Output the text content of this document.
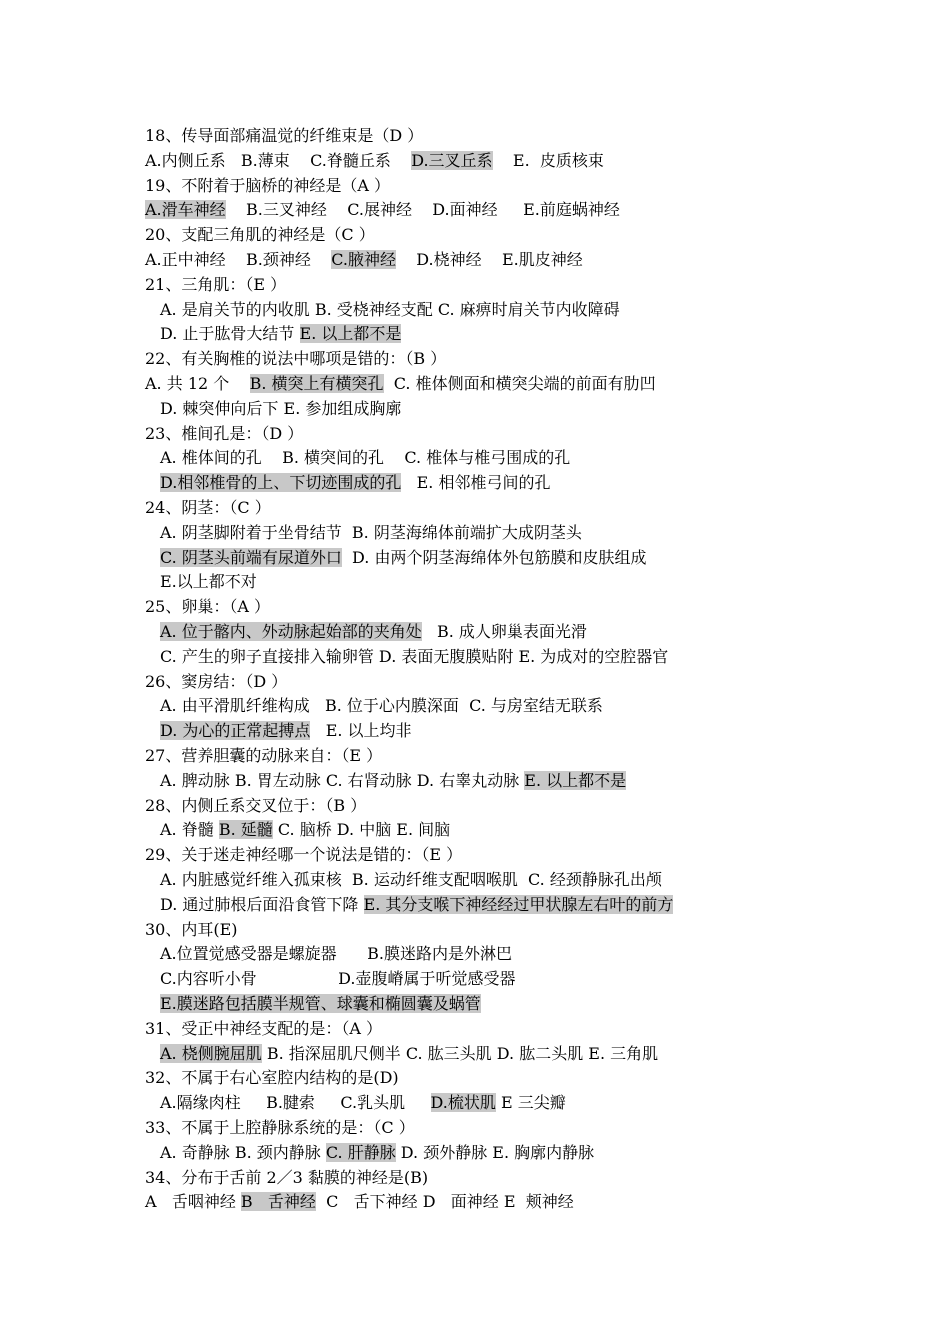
18、传导面部痛温觉的纤维束是（D ）

A.内侧丘系   B.薄束    C.脊髓丘系    D.三叉丘系    E.  皮质核束

19、不附着于脑桥的神经是（A ）

A.滑车神经    B.三叉神经    C.展神经    D.面神经     E.前庭蜗神经

20、支配三角肌的神经是（C ）

A.正中神经    B.颈神经    C.腋神经    D.桡神经    E.肌皮神经

21、三角肌：（E ）

A. 是肩关节的内收肌 B. 受桡神经支配 C. 麻痹时肩关节内收障碍

D. 止于肱骨大结节 E. 以上都不是

22、有关胸椎的说法中哪项是错的：（B ）

A. 共 12 个    B. 横突上有横突孔  C. 椎体侧面和横突尖端的前面有肋凹

D. 棘突伸向后下 E. 参加组成胸廓

23、椎间孔是：（D ）

A. 椎体间的孔    B. 横突间的孔    C. 椎体与椎弓围成的孔

D.相邻椎骨的上、下切迹围成的孔   E. 相邻椎弓间的孔

24、阴茎：（C ）

A. 阴茎脚附着于坐骨结节  B. 阴茎海绵体前端扩大成阴茎头

C. 阴茎头前端有尿道外口  D. 由两个阴茎海绵体外包筋膜和皮肤组成

E.以上都不对

25、卵巢：（A ）

A. 位于髂内、外动脉起始部的夹角处   B. 成人卵巢表面光滑

C. 产生的卵子直接排入输卵管 D. 表面无腹膜贴附 E. 为成对的空腔器官

26、窦房结：（D ）

A. 由平滑肌纤维构成   B. 位于心内膜深面  C. 与房室结无联系

D. 为心的正常起搏点   E. 以上均非

27、营养胆囊的动脉来自：（E ）

A. 脾动脉 B. 胃左动脉 C. 右肾动脉 D. 右睾丸动脉 E. 以上都不是

28、内侧丘系交叉位于：（B ）

A. 脊髓 B. 延髓 C. 脑桥 D. 中脑 E. 间脑

29、关于迷走神经哪一个说法是错的：（E ）

A. 内脏感觉纤维入孤束核  B. 运动纤维支配咽喉肌  C. 经颈静脉孔出颅

D. 通过肺根后面沿食管下降 E. 其分支喉下神经经过甲状腺左右叶的前方

30、内耳(E)

A.位置觉感受器是螺旋器      B.膜迷路内是外淋巴

C.内容听小骨                D.壶腹嵴属于听觉感受器

E.膜迷路包括膜半规管、球囊和椭圆囊及蜗管

31、受正中神经支配的是：（A ）

A. 桡侧腕屈肌 B. 指深屈肌尺侧半 C. 肱三头肌 D. 肱二头肌 E. 三角肌

32、不属于右心室腔内结构的是(D)

A.隔缘肉柱     B.腱索     C.乳头肌     D.梳状肌 E 三尖瓣

33、不属于上腔静脉系统的是：（C ）

A. 奇静脉 B. 颈内静脉 C. 肝静脉 D. 颈外静脉 E. 胸廓内静脉

34、分布于舌前 2／3 黏膜的神经是(B)

A   舌咽神经 B   舌神经  C   舌下神经 D   面神经 E  颊神经
